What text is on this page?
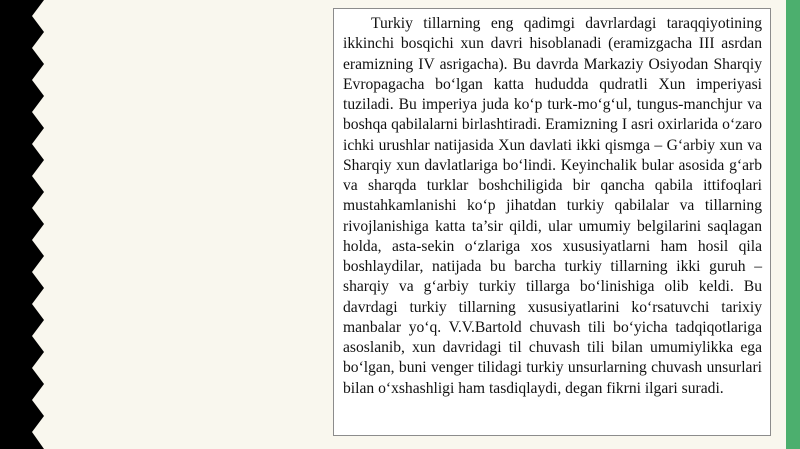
Turkiy tillarning eng qadimgi davrlardagi taraqqiyotining ikkinchi bosqichi xun davri hisoblanadi (eramizgacha III asrdan eramizning IV asrigacha). Bu davrda Markaziy Osiyodan Sharqiy Evropagacha bo‘lgan katta hududda qudratli Xun imperiyasi tuziladi. Bu imperiya juda ko‘p turk-mo‘g‘ul, tungus-manchjur va boshqa qabilalarni birlashtiradi. Eramizning I asri oxirlarida o‘zaro ichki urushlar natijasida Xun davlati ikki qismga – G‘arbiy xun va Sharqiy xun davlatlariga bo‘lindi. Keyinchalik bular asosida g‘arb va sharqda turklar boshchiligida bir qancha qabila ittifoqlari mustahkamlanishi ko‘p jihatdan turkiy qabilalar va tillarning rivojlanishiga katta ta’sir qildi, ular umumiy belgilarini saqlagan holda, asta-sekin o‘zlariga xos xususiyatlarni ham hosil qila boshlaydilar, natijada bu barcha turkiy tillarning ikki guruh – sharqiy va g‘arbiy turkiy tillarga bo‘linishiga olib keldi. Bu davrdagi turkiy tillarning xususiyatlarini ko‘rsatuvchi tarixiy manbalar yo‘q. V.V.Bartold chuvash tili bo‘yicha tadqiqotlariga asoslanib, xun davridagi til chuvash tili bilan umumiylikka ega bo‘lgan, buni venger tilidagi turkiy unsurlarning chuvash unsurlari bilan o‘xshashligi ham tasdiqlaydi, degan fikrni ilgari suradi.
